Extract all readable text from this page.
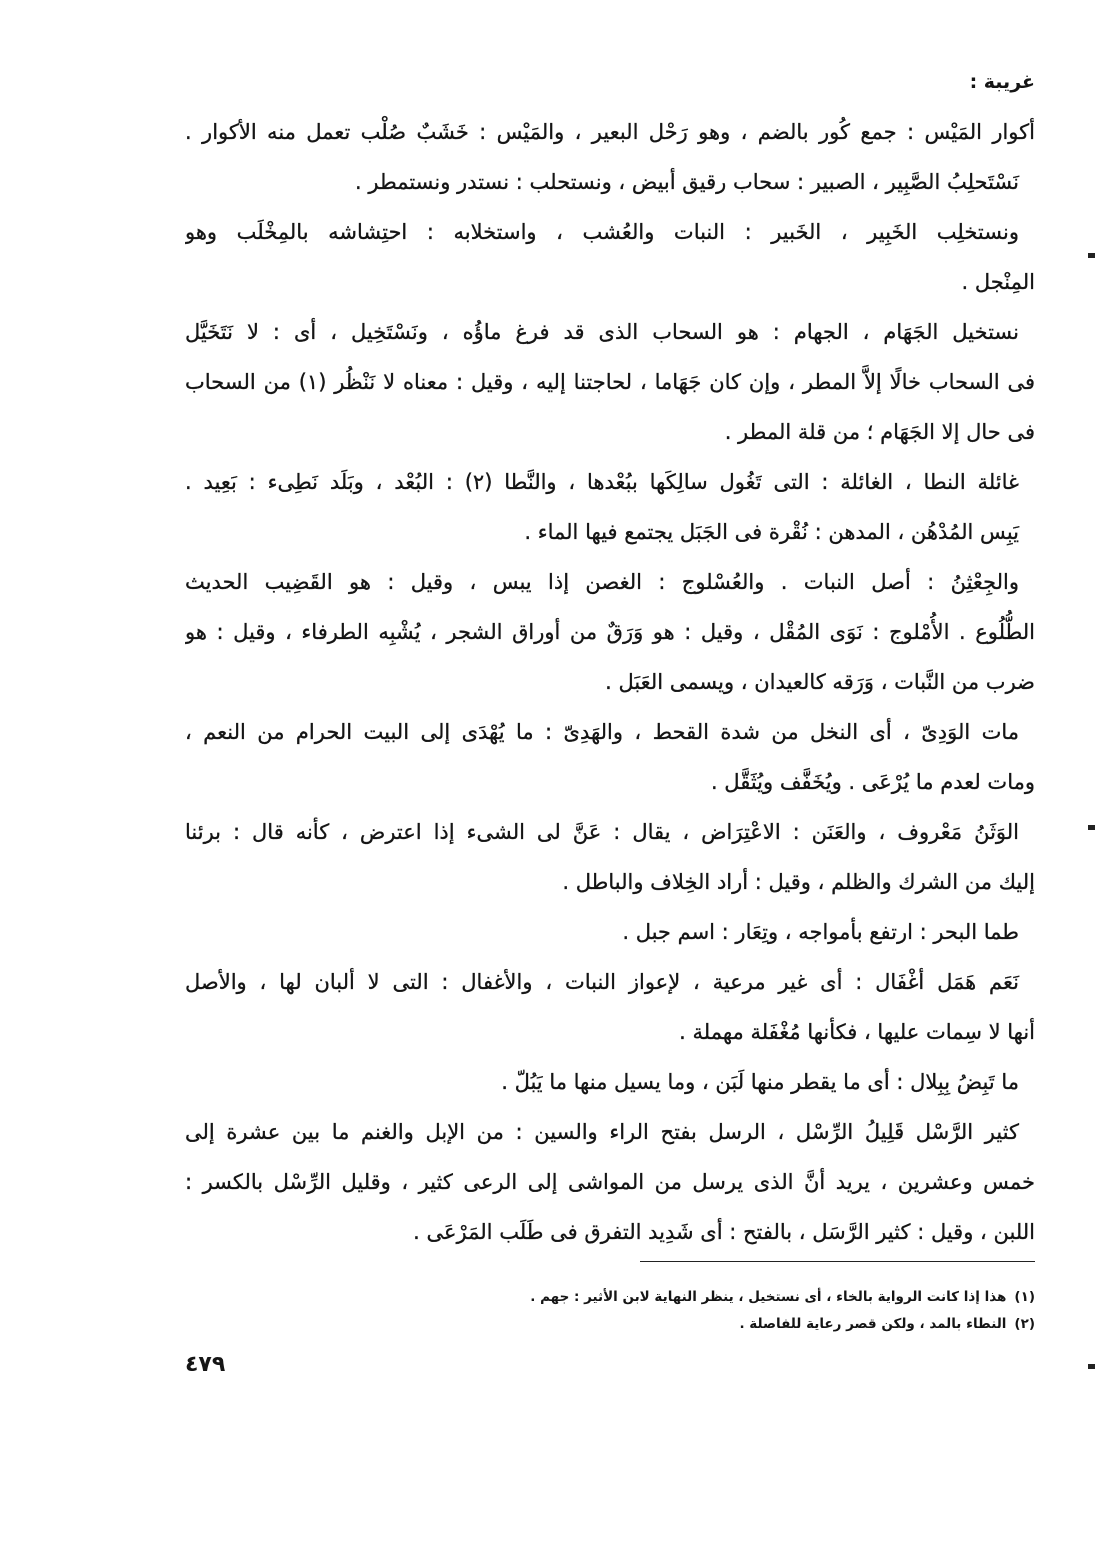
غريبة :
أكوار المَيْس : جمع كُور بالضم ، وهو رَحْل البعير ، والمَيْس : خَشَبٌ صُلْب تعمل منه الأكوار .
نَسْتَحلِبُ الصَّبِير ، الصبير : سحاب رقيق أبيض ، ونستحلب : نستدر ونستمطر .
ونستخلِب الخَبِير ، الخَبير : النبات والعُشب ، واستخلابه : احتِشاشه بالمِخْلَب وهو
المِنْجل .
نستخيل الجَهَام ، الجهام : هو السحاب الذى قد فرغ ماؤُه ، ونَسْتَخِيل ، أى : لا نَتَخَيَّل
فى السحاب خالًا إلاَّ المطر ، وإن كان جَهَاما ، لحاجتنا إليه ، وقيل : معناه لا نَنْظُر (١) من السحاب
فى حال إلا الجَهَام ؛ من قلة المطر .
غائلة النطا ، الغائلة : التى تَغُول سالِكَها ببُعْدها ، والنَّطا (٢) : البُعْد ، وبَلَد نَطِىء : بَعِيد .
يَبِس المُدْهُن ، المدهن : نُقْرة فى الجَبَل يجتمع فيها الماء .
والجِعْثِنُ : أصل النبات . والعُسْلوج : الغصن إذا يبس ، وقيل : هو القَضِيب الحديث
الطُّلُوع . الأُمْلوج : نَوَى المُقْل ، وقيل : هو وَرَقٌ من أوراق الشجر ، يُشْبِه الطرفاء ، وقيل : هو
ضرب من النَّبات ، وَرَقه كالعيدان ، ويسمى العَبَل .
مات الوَدِىّ ، أى النخل من شدة القحط ، والهَدِىّ : ما يُهْدَى إلى البيت الحرام من النعم ،
ومات لعدم ما يُرْعَى . ويُخَفَّف ويُثَقَّل .
الوَثَنُ مَعْروف ، والعَنَن : الاعْتِرَاض ، يقال : عَنَّ لى الشىء إذا اعترض ، كأنه قال : برئنا
إليك من الشرك والظلم ، وقيل : أراد الخِلاف والباطل .
طما البحر : ارتفع بأمواجه ، وتِعَار : اسم جبل .
نَعَم هَمَل أغْفَال : أى غير مرعية ، لإعواز النبات ، والأغفال : التى لا ألبان لها ، والأصل
أنها لا سِمات عليها ، فكأنها مُغْفَلة مهملة .
ما تَبِضُ بِبِلال : أى ما يقطر منها لَبَن ، وما يسيل منها ما يَبُلّ .
كثير الرَّسْل قَلِيلُ الرِّسْل ، الرسل بفتح الراء والسين : من الإبل والغنم ما بين عشرة إلى
خمس وعشرين ، يريد أنَّ الذى يرسل من المواشى إلى الرعى كثير ، وقليل الرِّسْل بالكسر :
اللبن ، وقيل : كثير الرَّسَل ، بالفتح : أى شَدِيد التفرق فى طَلَب المَرْعَى .
(١)هذا إذا كانت الرواية بالخاء ، أى نستخيل ، ينظر النهاية لابن الأثير : جهم .
(٢)النطاء بالمد ، ولكن قصر رعاية للفاصلة .
٤٧٩
